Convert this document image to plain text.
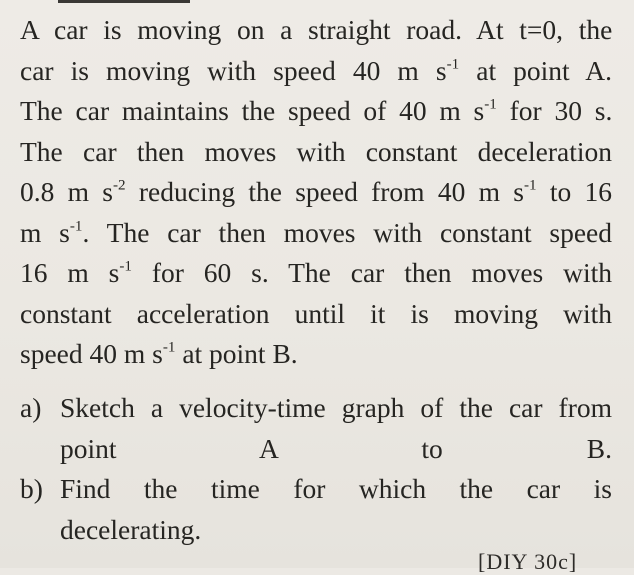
A car is moving on a straight road. At t=0, the
car is moving with speed 40 m $s^{-1}$ at point A.
The car maintains the speed of 40 m $s^{-1}$ for 30 s.
The car then moves with constant deceleration
0.8 m $s^{-2}$ reducing the speed from 40 m $s^{-1}$ to 16
m $s^{-1}$. The car then moves with constant speed
16 m $s^{-1}$ for 60 s. The car then moves with
constant acceleration until it is moving with
speed 40 m $s^{-1}$ at point B.
a) Sketch a velocity-time graph of the car from
point A to B.
b) Find the time for which the car is
decelerating.
[DIY 30c]
